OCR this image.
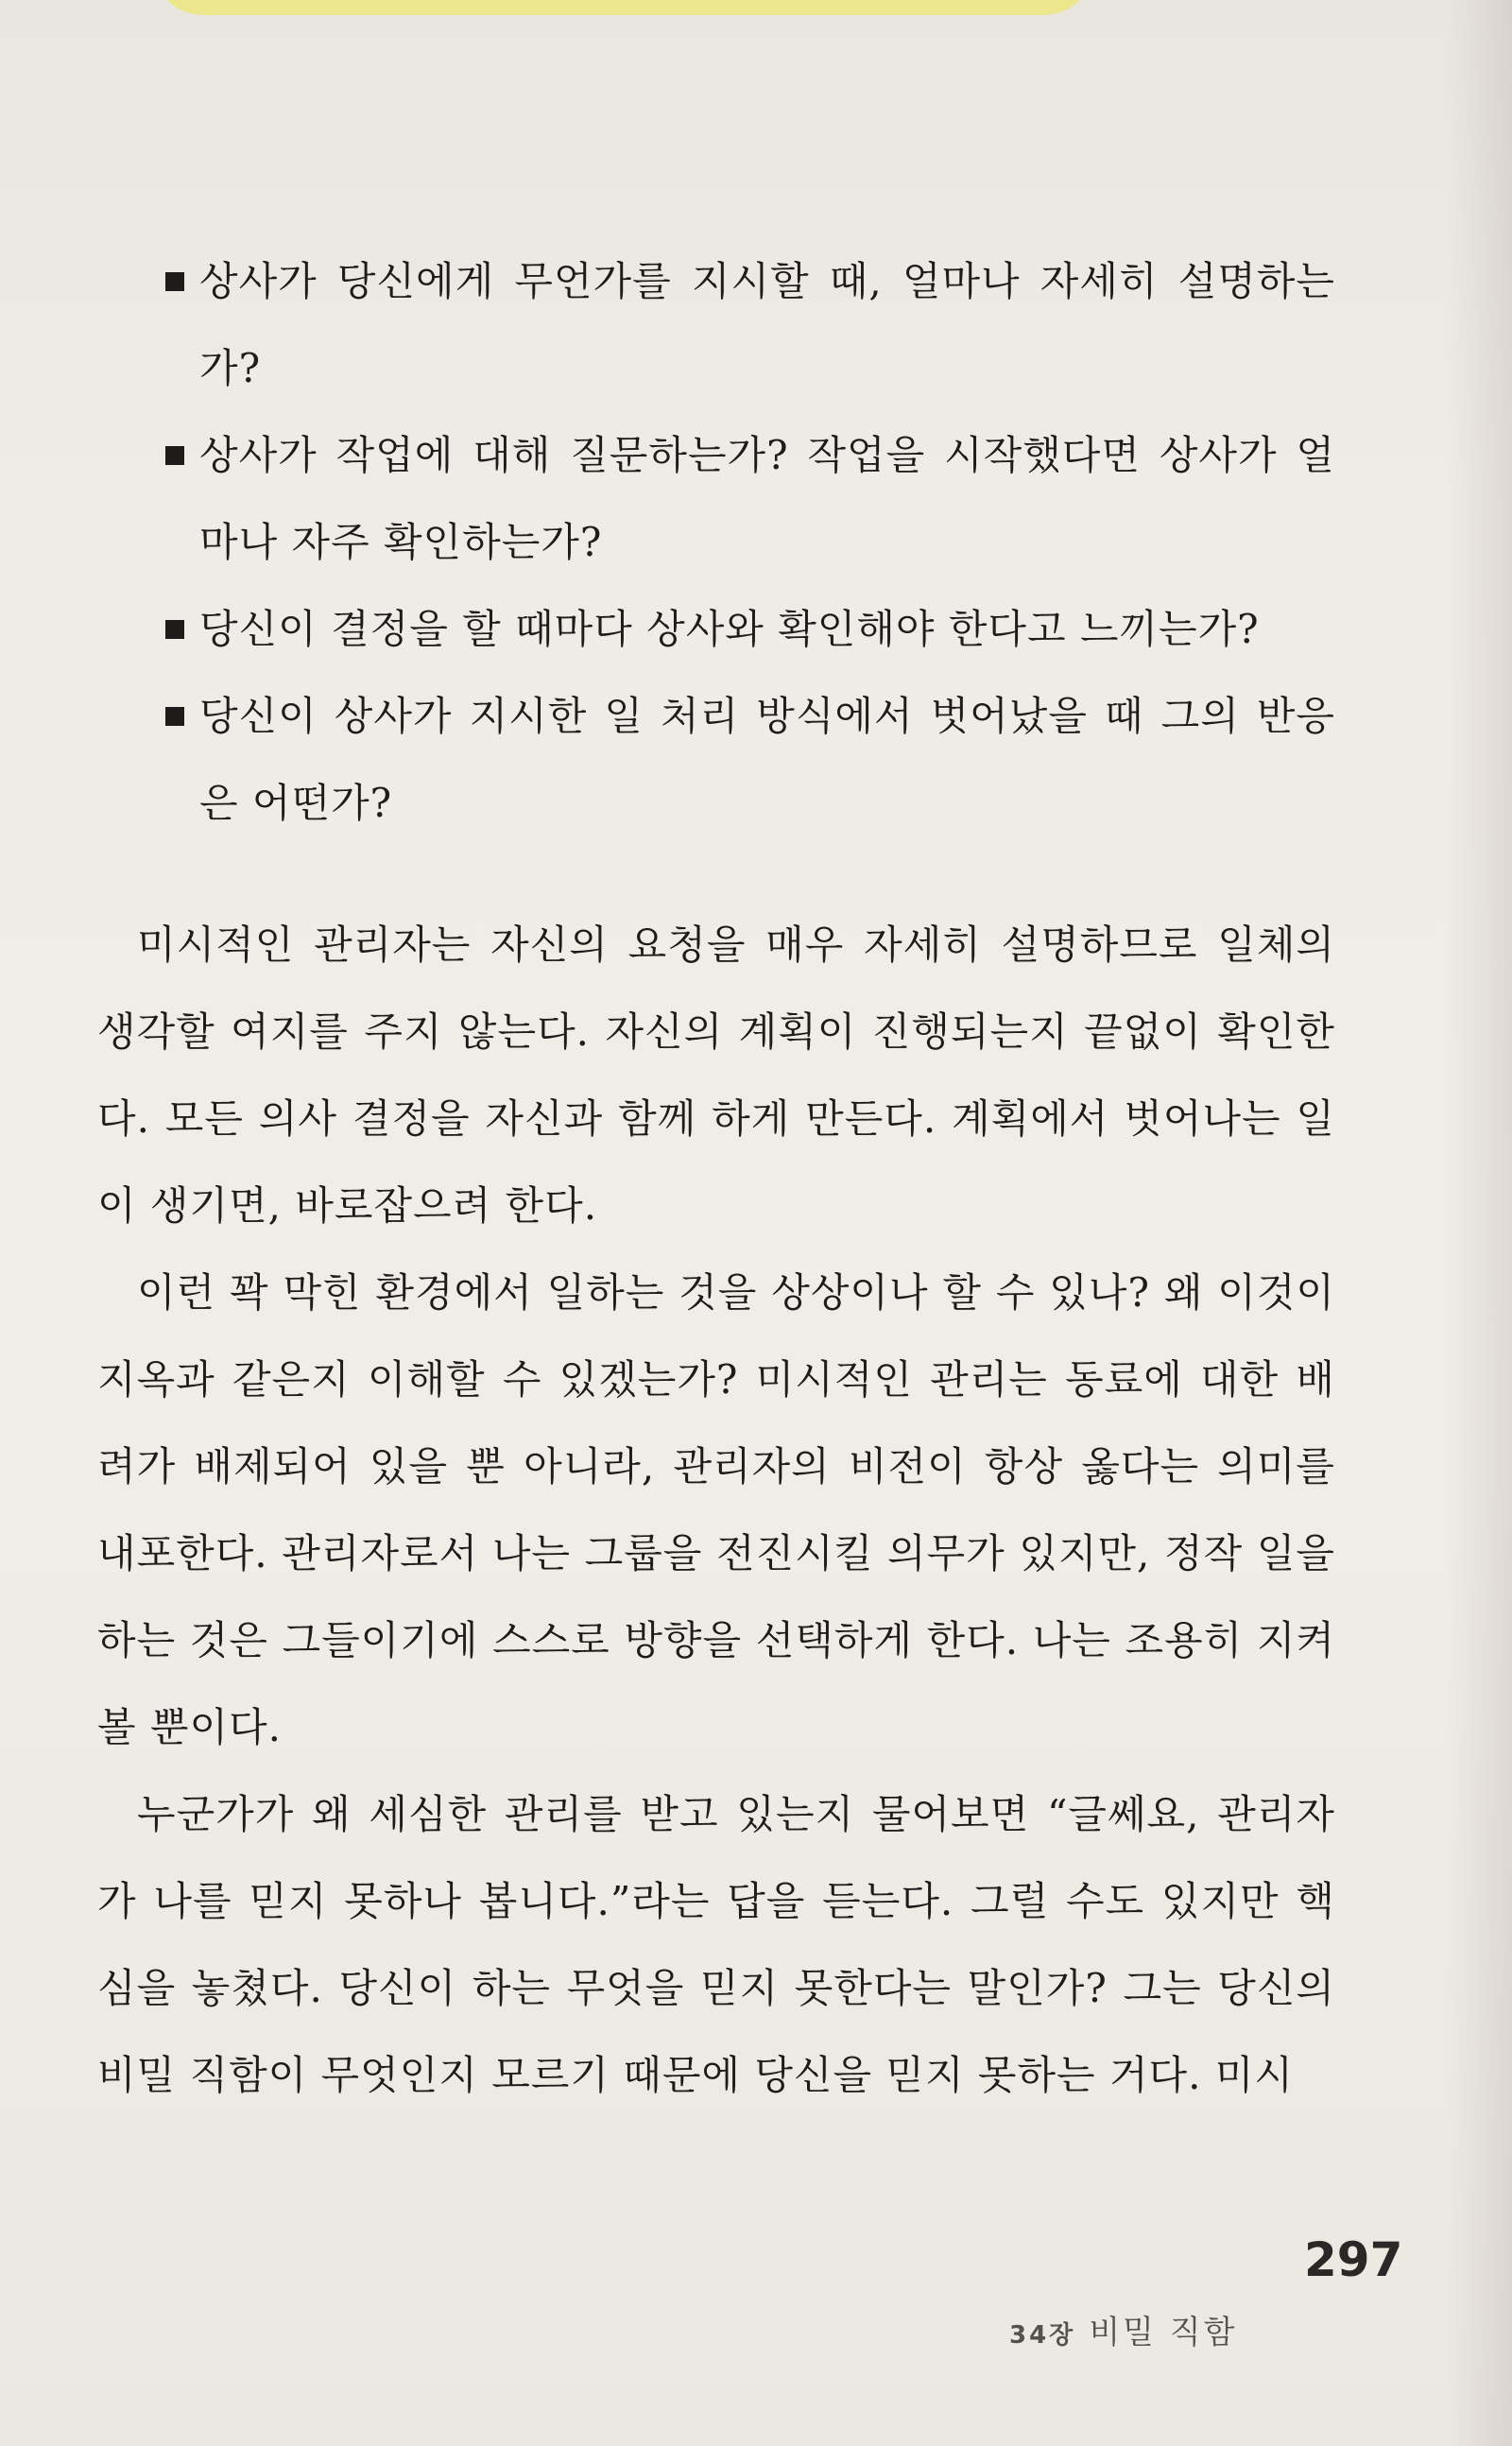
상사가 당신에게 무언가를 지시할 때, 얼마나 자세히 설명하는가?
상사가 작업에 대해 질문하는가? 작업을 시작했다면 상사가 얼마나 자주 확인하는가?
당신이 결정을 할 때마다 상사와 확인해야 한다고 느끼는가?
당신이 상사가 지시한 일 처리 방식에서 벗어났을 때 그의 반응은 어떤가?

미시적인 관리자는 자신의 요청을 매우 자세히 설명하므로 일체의 생각할 여지를 주지 않는다. 자신의 계획이 진행되는지 끝없이 확인한다. 모든 의사 결정을 자신과 함께 하게 만든다. 계획에서 벗어나는 일이 생기면, 바로잡으려 한다.

이런 꽉 막힌 환경에서 일하는 것을 상상이나 할 수 있나? 왜 이것이 지옥과 같은지 이해할 수 있겠는가? 미시적인 관리는 동료에 대한 배려가 배제되어 있을 뿐 아니라, 관리자의 비전이 항상 옳다는 의미를 내포한다. 관리자로서 나는 그룹을 전진시킬 의무가 있지만, 정작 일을 하는 것은 그들이기에 스스로 방향을 선택하게 한다. 나는 조용히 지켜볼 뿐이다.

누군가가 왜 세심한 관리를 받고 있는지 물어보면 “글쎄요, 관리자가 나를 믿지 못하나 봅니다.”라는 답을 듣는다. 그럴 수도 있지만 핵심을 놓쳤다. 당신이 하는 무엇을 믿지 못한다는 말인가? 그는 당신의 비밀 직함이 무엇인지 모르기 때문에 당신을 믿지 못하는 거다. 미시

297
34장 비밀 직함
